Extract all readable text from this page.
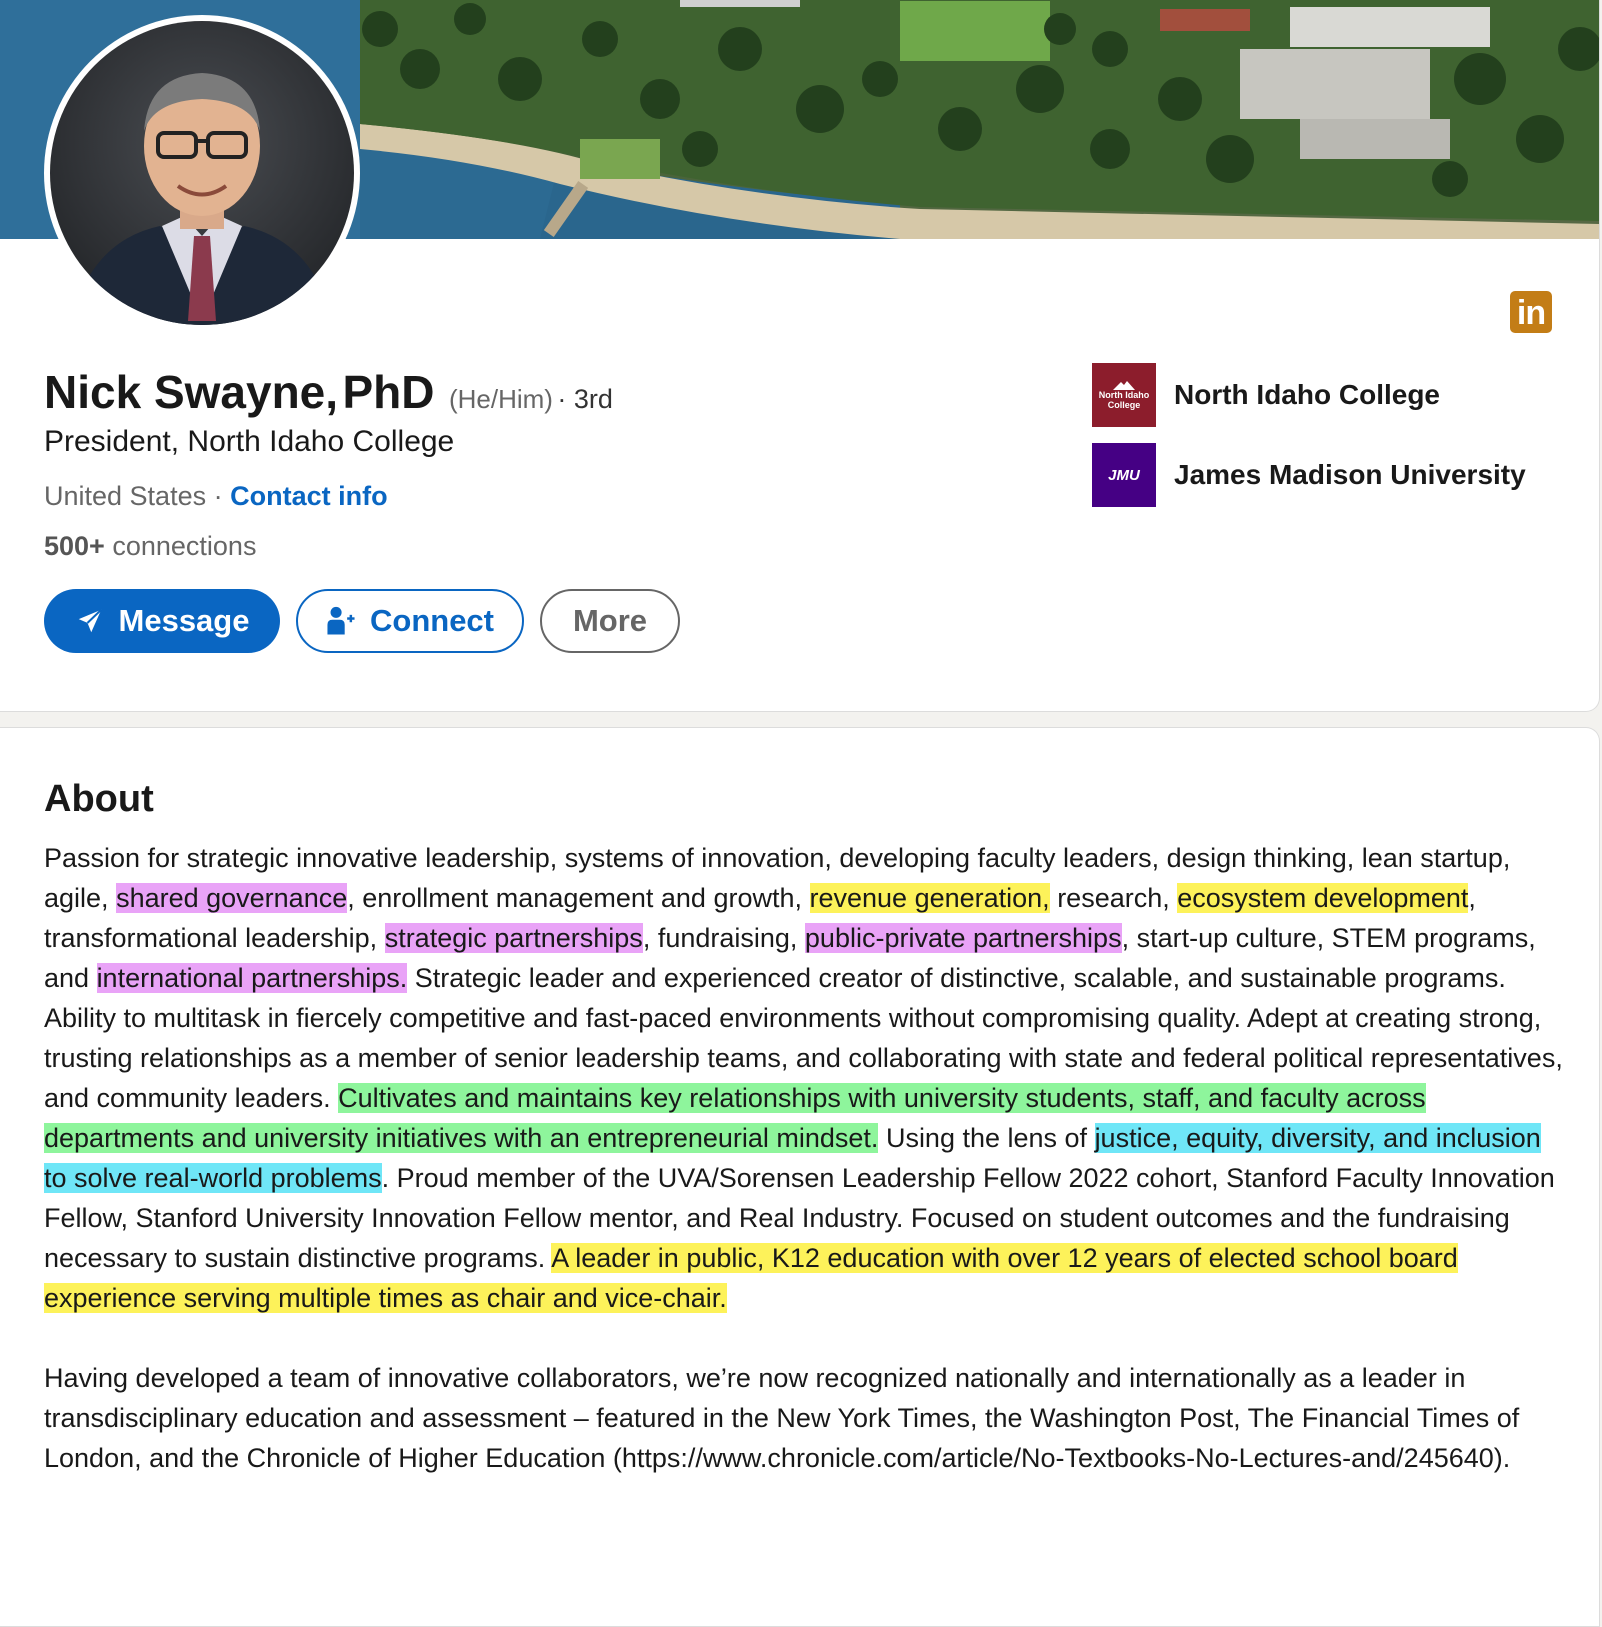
in
Nick Swayne, PhD (He/Him) · 3rd
President, North Idaho College
United States · Contact info
500+ connections
Message	Connect	More
North Idaho
College North Idaho College
JMU	James Madison University
About

Passion for strategic innovative leadership, systems of innovation, developing faculty leaders, design thinking, lean startup, agile, shared governance, enrollment management and growth, revenue generation, research, ecosystem development, transformational leadership, strategic partnerships, fundraising, public-private partnerships, start-up culture, STEM programs, and international partnerships. Strategic leader and experienced creator of distinctive, scalable, and sustainable programs. Ability to multitask in fiercely competitive and fast-paced environments without compromising quality. Adept at creating strong, trusting relationships as a member of senior leadership teams, and collaborating with state and federal political representatives, and community leaders. Cultivates and maintains key relationships with university students, staff, and faculty across departments and university initiatives with an entrepreneurial mindset. Using the lens of justice, equity, diversity, and inclusion to solve real-world problems. Proud member of the UVA/Sorensen Leadership Fellow 2022 cohort, Stanford Faculty Innovation Fellow, Stanford University Innovation Fellow mentor, and Real Industry. Focused on student outcomes and the fundraising necessary to sustain distinctive programs. A leader in public, K12 education with over 12 years of elected school board experience serving multiple times as chair and vice-chair.

Having developed a team of innovative collaborators, we’re now recognized nationally and internationally as a leader in transdisciplinary education and assessment – featured in the New York Times, the Washington Post, The Financial Times of London, and the Chronicle of Higher Education (https://www.chronicle.com/article/No-Textbooks-No-Lectures-and/245640).
